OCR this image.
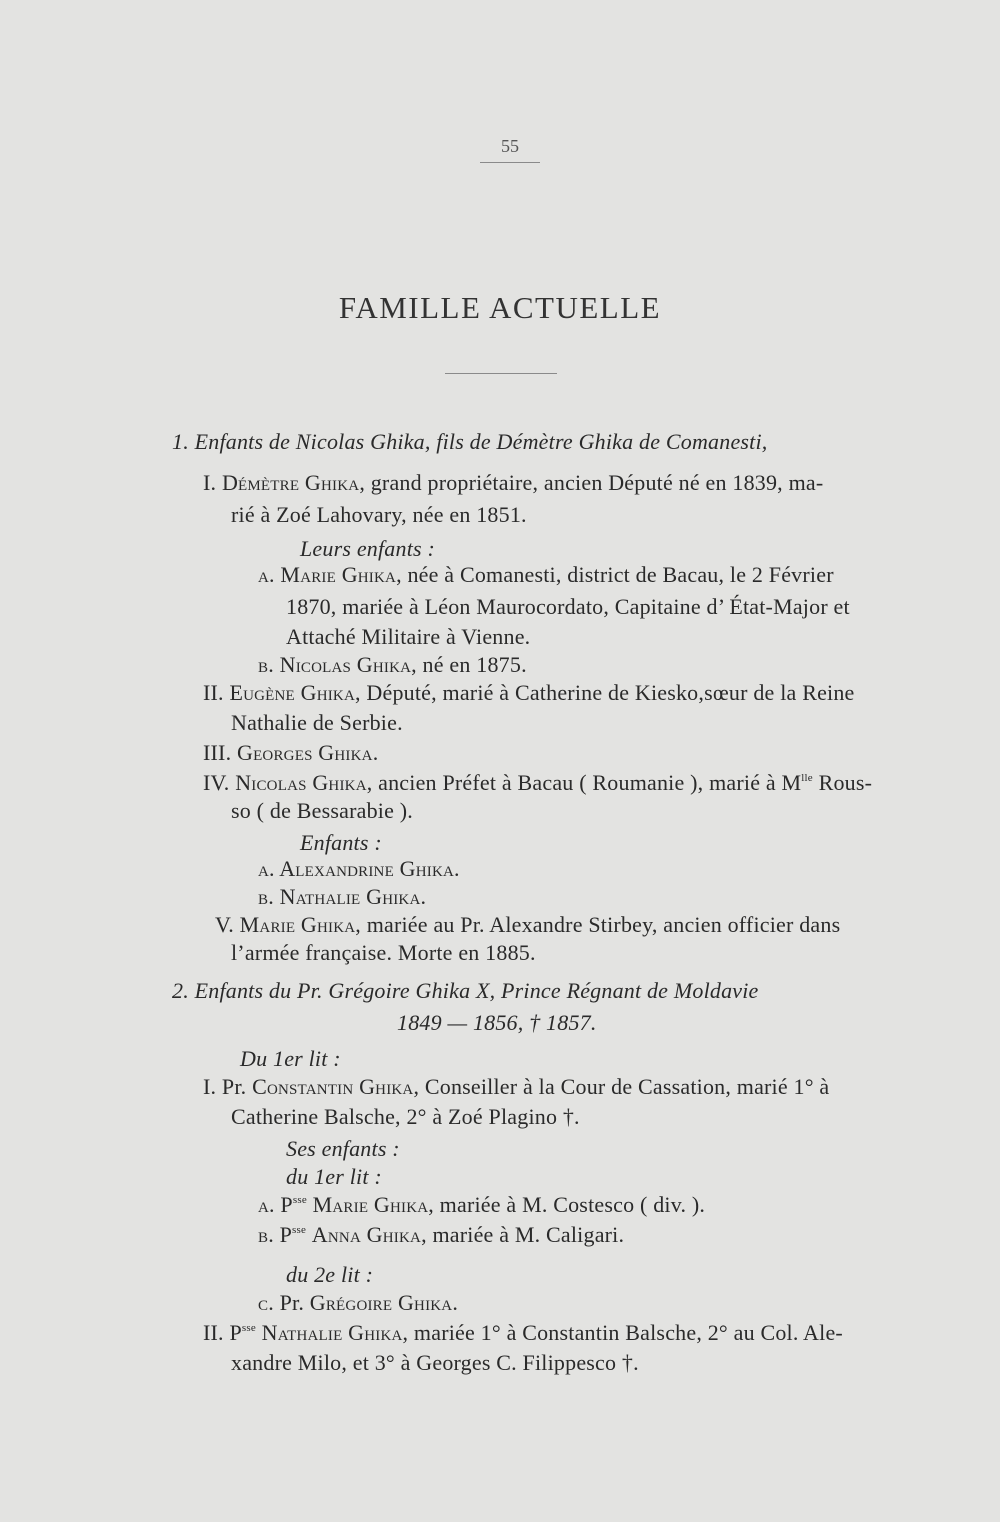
55
FAMILLE ACTUELLE
1. Enfants de Nicolas Ghika, fils de Démètre Ghika de Comanesti,
I. Démètre Ghika, grand propriétaire, ancien Député né en 1839, ma-
rié à Zoé Lahovary, née en 1851.
Leurs enfants :
a. Marie Ghika, née à Comanesti, district de Bacau, le 2 Février
1870, mariée à Léon Maurocordato, Capitaine d’ État-Major et
Attaché Militaire à Vienne.
b. Nicolas Ghika, né en 1875.
II. Eugène Ghika, Député, marié à Catherine de Kiesko,sœur de la Reine
Nathalie de Serbie.
III. Georges Ghika.
IV. Nicolas Ghika, ancien Préfet à Bacau ( Roumanie ), marié à $M^{lle}$ Rous-
so ( de Bessarabie ).
Enfants :
a. Alexandrine Ghika.
b. Nathalie Ghika.
V. Marie Ghika, mariée au Pr. Alexandre Stirbey, ancien officier dans
l’armée française. Morte en 1885.
2. Enfants du Pr. Grégoire Ghika X, Prince Régnant de Moldavie
1849 — 1856, † 1857.
Du 1er lit :
I. Pr. Constantin Ghika, Conseiller à la Cour de Cassation, marié 1° à
Catherine Balsche, 2° à Zoé Plagino †.
Ses enfants :
du 1er lit :
a. $P^{sse}$ Marie Ghika, mariée à M. Costesco ( div. ).
b. $P^{sse}$ Anna Ghika, mariée à M. Caligari.
du 2e lit :
c. Pr. Grégoire Ghika.
II. $P^{sse}$ Nathalie Ghika, mariée 1° à Constantin Balsche, 2° au Col. Ale-
xandre Milo, et 3° à Georges C. Filippesco †.
